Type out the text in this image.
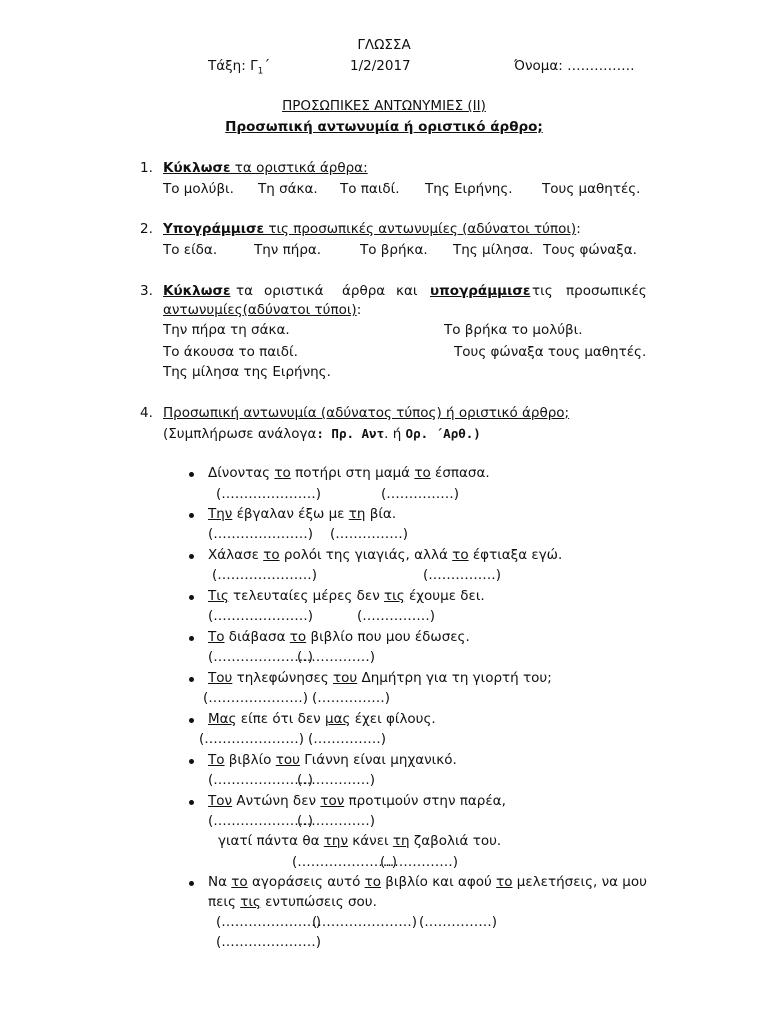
ΓΛΩΣΣΑ
Τάξη: $\Gamma_1΄$	1/2/2017	Όνομα: ……………
ΠΡΟΣΩΠΙΚΕΣ ΑΝΤΩΝΥΜΙΕΣ (ΙΙ)
Προσωπική αντωνυμία ή οριστικό άρθρο;
1. Κύκλωσε τα οριστικά άρθρα:
Το μολύβι. Τη σάκα. Το παιδί. Της Ειρήνης. Τους μαθητές.
2. Υπογράμμισε τις προσωπικές αντωνυμίες (αδύνατοι τύποι):
Το είδα.	Την πήρα.	Το βρήκα. Της μίλησα. Τους φώναξα.
3. Κύκλωσε τα οριστικά άρθρα και υπογράμμισε τις προσωπικές
αντωνυμίες(αδύνατοι τύποι):
Την πήρα τη σάκα.	Το βρήκα το μολύβι.
Το άκουσα το παιδί.	Τους φώναξα τους μαθητές.
Της μίλησα της Ειρήνης.
4. Προσωπική αντωνυμία (αδύνατος τύπος) ή οριστικό άρθρο;
(Συμπλήρωσε ανάλογα: Πρ. Αντ. ή Ορ. ΄Αρθ.)
Δίνοντας το ποτήρι στη μαμά το έσπασα.
(…………………)	(……………)
Την έβγαλαν έξω με τη βία.
(…………………) (……………)
Χάλασε το ρολόι της γιαγιάς, αλλά το έφτιαξα εγώ.
(…………………)	(……………)
Τις τελευταίες μέρες δεν τις έχουμε δει.
(…………………)	(……………)
Το διάβασα το βιβλίο που μου έδωσες.
(…………………)
(……………)
Του τηλεφώνησες του Δημήτρη για τη γιορτή του;
(…………………) (……………)
Μας είπε ότι δεν μας έχει φίλους.
(…………………) (……………)
Το βιβλίο του Γιάννη είναι μηχανικό.
(…………………)
(……………)
Τον Αντώνη δεν τον προτιμούν στην παρέα,
(…………………)
(……………)
γιατί πάντα θα την κάνει τη ζαβολιά του.
(…………………)
(……………)
Να το αγοράσεις αυτό το βιβλίο και αφού το μελετήσεις, να μου
πεις τις εντυπώσεις σου.
(…………………)
(…………………) (……………)
(…………………)
